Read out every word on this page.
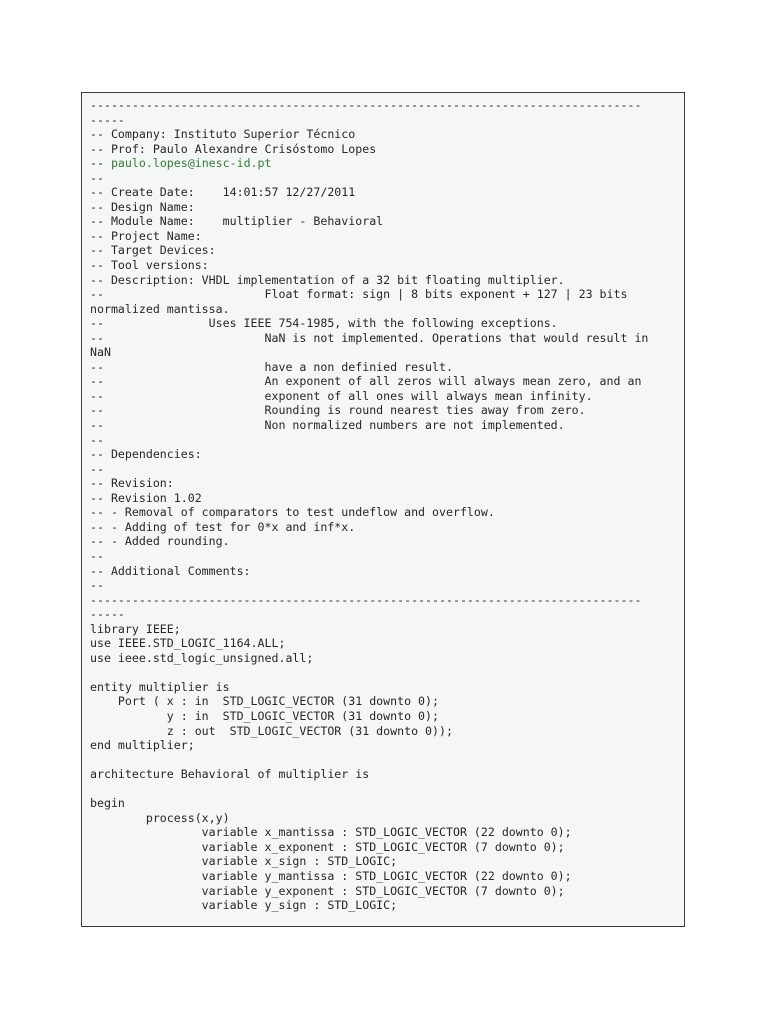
-------------------------------------------------------------------------------
-----
-- Company: Instituto Superior Técnico
-- Prof: Paulo Alexandre Crisóstomo Lopes
-- paulo.lopes@inesc-id.pt
--
-- Create Date:    14:01:57 12/27/2011
-- Design Name:
-- Module Name:    multiplier - Behavioral
-- Project Name:
-- Target Devices:
-- Tool versions:
-- Description: VHDL implementation of a 32 bit floating multiplier.
--                       Float format: sign | 8 bits exponent + 127 | 23 bits
normalized mantissa.
--               Uses IEEE 754-1985, with the following exceptions.
--                       NaN is not implemented. Operations that would result in
NaN
--                       have a non definied result.
--                       An exponent of all zeros will always mean zero, and an
--                       exponent of all ones will always mean infinity.
--                       Rounding is round nearest ties away from zero.
--                       Non normalized numbers are not implemented.
--
-- Dependencies:
--
-- Revision:
-- Revision 1.02
-- - Removal of comparators to test undeflow and overflow.
-- - Adding of test for 0*x and inf*x.
-- - Added rounding.
--
-- Additional Comments:
--
-------------------------------------------------------------------------------
-----
library IEEE;
use IEEE.STD_LOGIC_1164.ALL;
use ieee.std_logic_unsigned.all;
entity multiplier is
Port ( x : in  STD_LOGIC_VECTOR (31 downto 0);
y : in  STD_LOGIC_VECTOR (31 downto 0);
z : out  STD_LOGIC_VECTOR (31 downto 0));
end multiplier;
architecture Behavioral of multiplier is
begin
process(x,y)
variable x_mantissa : STD_LOGIC_VECTOR (22 downto 0);
variable x_exponent : STD_LOGIC_VECTOR (7 downto 0);
variable x_sign : STD_LOGIC;
variable y_mantissa : STD_LOGIC_VECTOR (22 downto 0);
variable y_exponent : STD_LOGIC_VECTOR (7 downto 0);
variable y_sign : STD_LOGIC;
